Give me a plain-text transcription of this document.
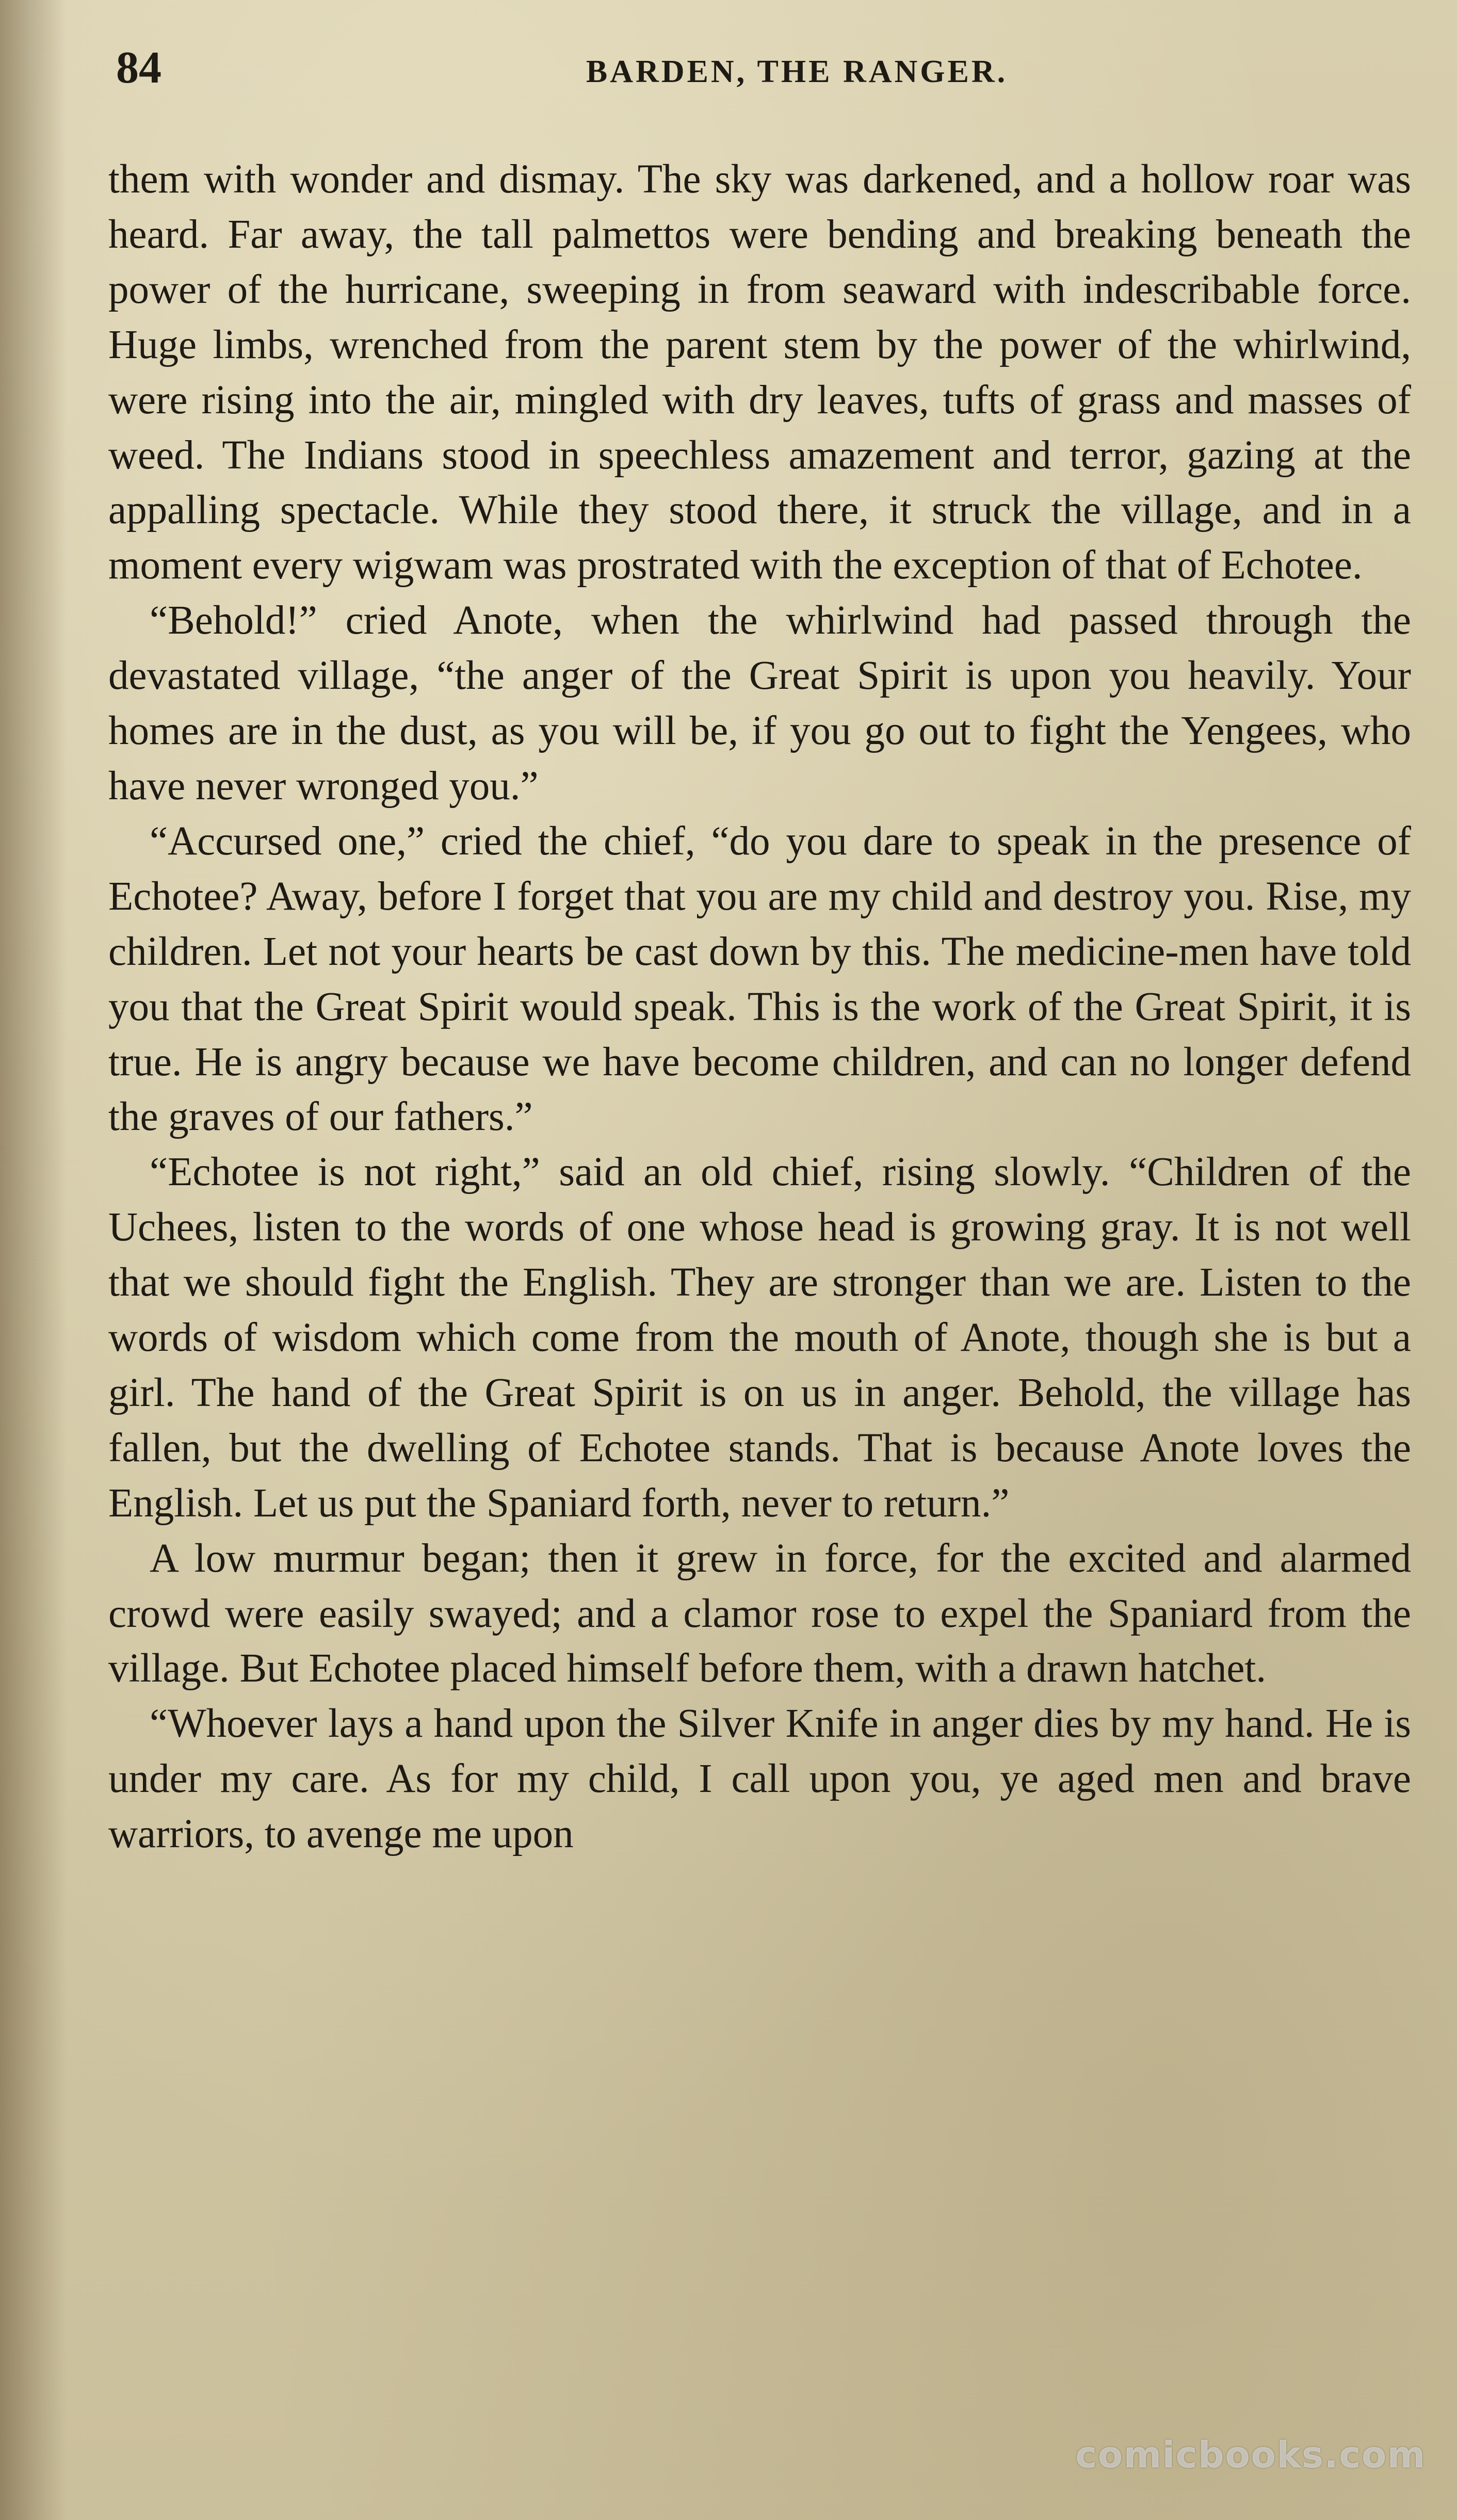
84	BARDEN, THE RANGER.

them with wonder and dismay. The sky was darkened, and a hollow roar was heard. Far away, the tall palmettos were bending and breaking beneath the power of the hurricane, sweeping in from seaward with indescribable force. Huge limbs, wrenched from the parent stem by the power of the whirlwind, were rising into the air, mingled with dry leaves, tufts of grass and masses of weed. The Indians stood in speechless amazement and terror, gazing at the appalling spectacle. While they stood there, it struck the village, and in a moment every wigwam was prostrated with the exception of that of Echotee.

“Behold!” cried Anote, when the whirlwind had passed through the devastated village, “the anger of the Great Spirit is upon you heavily. Your homes are in the dust, as you will be, if you go out to fight the Yengees, who have never wronged you.”

“Accursed one,” cried the chief, “do you dare to speak in the presence of Echotee? Away, before I forget that you are my child and destroy you. Rise, my children. Let not your hearts be cast down by this. The medicine-men have told you that the Great Spirit would speak. This is the work of the Great Spirit, it is true. He is angry because we have become children, and can no longer defend the graves of our fathers.”

“Echotee is not right,” said an old chief, rising slowly. “Children of the Uchees, listen to the words of one whose head is growing gray. It is not well that we should fight the English. They are stronger than we are. Listen to the words of wisdom which come from the mouth of Anote, though she is but a girl. The hand of the Great Spirit is on us in anger. Behold, the village has fallen, but the dwelling of Echotee stands. That is because Anote loves the English. Let us put the Spaniard forth, never to return.”

A low murmur began; then it grew in force, for the excited and alarmed crowd were easily swayed; and a clamor rose to expel the Spaniard from the village. But Echotee placed himself before them, with a drawn hatchet.

“Whoever lays a hand upon the Silver Knife in anger dies by my hand. He is under my care. As for my child, I call upon you, ye aged men and brave warriors, to avenge me upon

comicbooks.com
